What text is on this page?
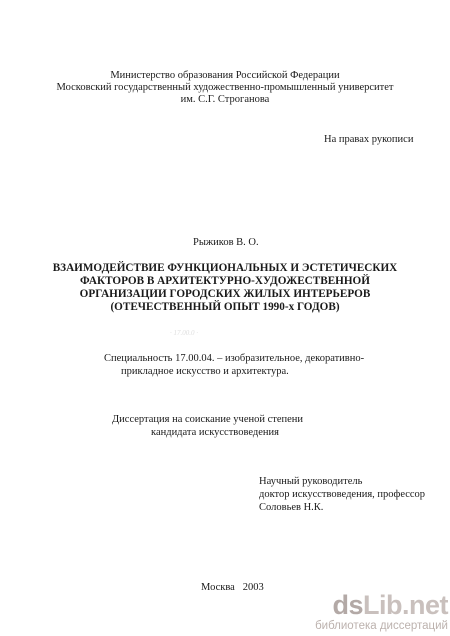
Министерство образования Российской Федерации
Московский государственный художественно-промышленный университет
им. С.Г. Строганова
На правах рукописи
Рыжиков В. О.
ВЗАИМОДЕЙСТВИЕ ФУНКЦИОНАЛЬНЫХ И ЭСТЕТИЧЕСКИХ
ФАКТОРОВ В АРХИТЕКТУРНО-ХУДОЖЕСТВЕННОЙ
ОРГАНИЗАЦИИ ГОРОДСКИХ ЖИЛЫХ ИНТЕРЬЕРОВ
(ОТЕЧЕСТВЕННЫЙ ОПЫТ 1990-х ГОДОВ)
· 17.00.0 ·
Специальность 17.00.04. – изобразительное, декоративно-
прикладное искусство и архитектура.
Диссертация на соискание ученой степени
кандидата искусствоведения
Научный руководитель
доктор искусствоведения, профессор
Соловьев Н.К.
Москва   2003
dsLib.net
библиотека диссертаций
